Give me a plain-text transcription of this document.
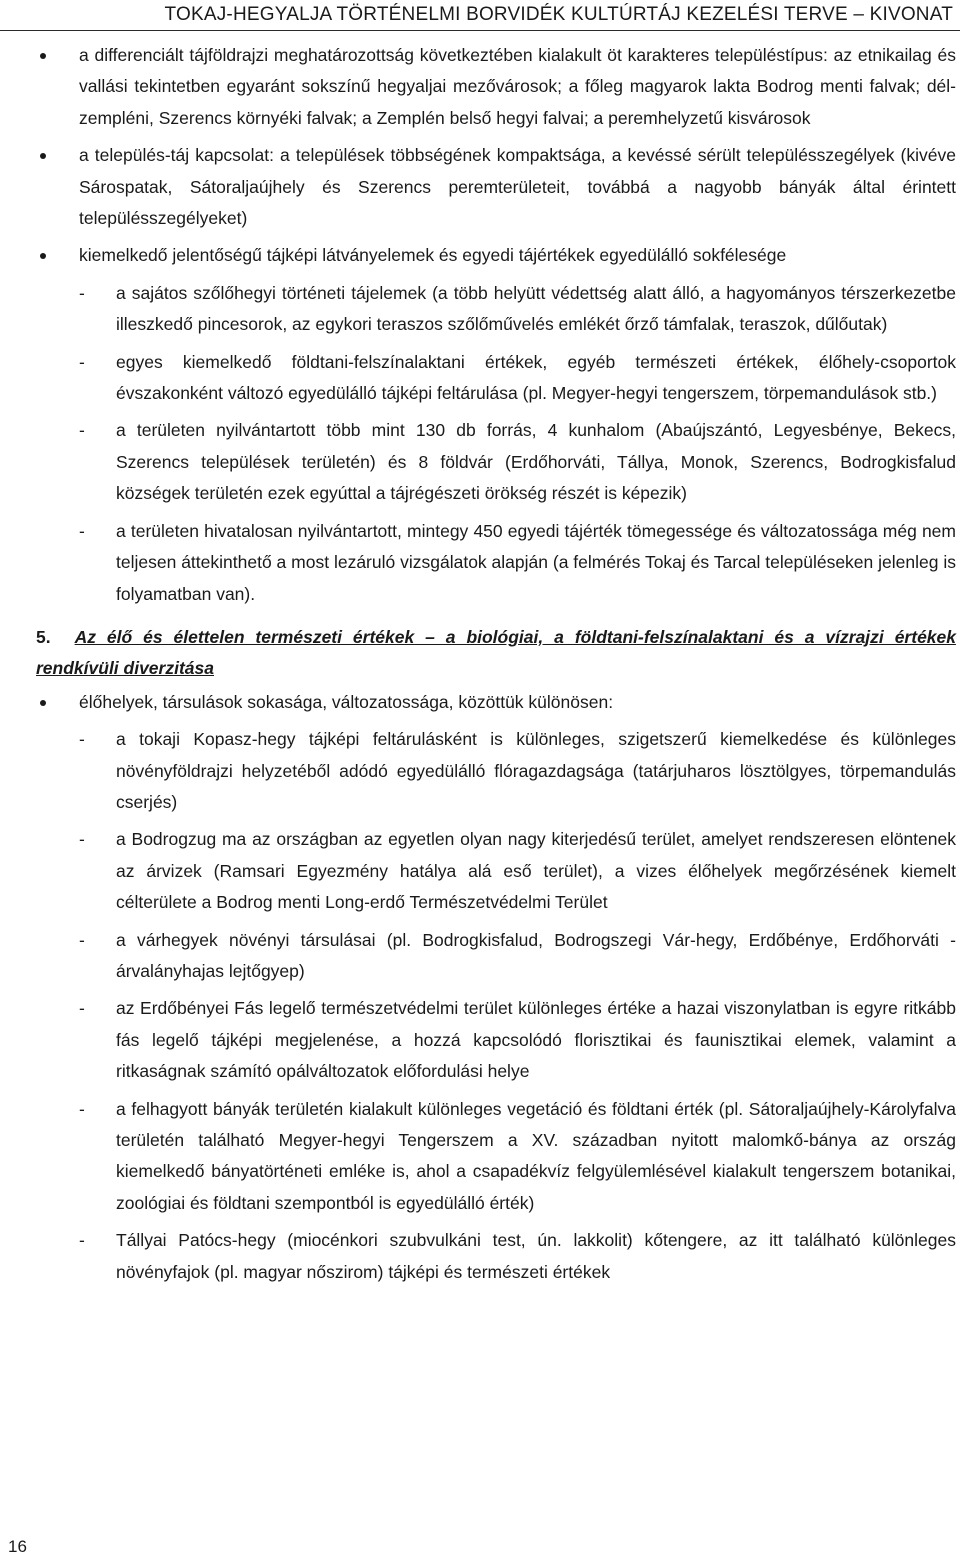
TOKAJ-HEGYALJA TÖRTÉNELMI BORVIDÉK KULTÚRTÁJ KEZELÉSI TERVE – KIVONAT
a differenciált tájföldrajzi meghatározottság következtében kialakult öt karakteres településtípus: az etnikailag és vallási tekintetben egyaránt sokszínű hegyaljai mezővárosok; a főleg magyarok lakta Bodrog menti falvak; dél-zempléni, Szerencs környéki falvak; a Zemplén belső hegyi falvai; a peremhelyzetű kisvárosok
a település-táj kapcsolat: a települések többségének kompaktsága, a kevéssé sérült településszegélyek (kivéve Sárospatak, Sátoraljaújhely és Szerencs peremterületeit, továbbá a nagyobb bányák által érintett településszegélyeket)
kiemelkedő jelentőségű tájképi látványelemek és egyedi tájértékek egyedülálló sokfélesége
- a sajátos szőlőhegyi történeti tájelemek (a több helyütt védettség alatt álló, a hagyományos térszerkezetbe illeszkedő pincesorok, az egykori teraszos szőlőművelés emlékét őrző támfalak, teraszok, dűlőutak)
- egyes kiemelkedő földtani-felszínalaktani értékek, egyéb természeti értékek, élőhely-csoportok évszakonként változó egyedülálló tájképi feltárulása (pl. Megyer-hegyi tengerszem, törpemandulások stb.)
- a területen nyilvántartott több mint 130 db forrás, 4 kunhalom (Abaújszántó, Legyesbénye, Bekecs, Szerencs települések területén) és 8 földvár (Erdőhorváti, Tállya, Monok, Szerencs, Bodrogkisfalud községek területén ezek egyúttal a tájrégészeti örökség részét is képezik)
- a területen hivatalosan nyilvántartott, mintegy 450 egyedi tájérték tömegessége és változatossága még nem teljesen áttekinthető a most lezáruló vizsgálatok alapján (a felmérés Tokaj és Tarcal településeken jelenleg is folyamatban van).
5. Az élő és élettelen természeti értékek – a biológiai, a földtani-felszínalaktani és a vízrajzi értékek rendkívüli diverzitása
élőhelyek, társulások sokasága, változatossága, közöttük különösen:
- a tokaji Kopasz-hegy tájképi feltárulásként is különleges, szigetszerű kiemelkedése és különleges növényföldrajzi helyzetéből adódó egyedülálló flóragazdagsága (tatárjuharos lösztölgyes, törpemandulás cserjés)
- a Bodrogzug ma az országban az egyetlen olyan nagy kiterjedésű terület, amelyet rendszeresen elöntenek az árvizek (Ramsari Egyezmény hatálya alá eső terület), a vizes élőhelyek megőrzésének kiemelt célterülete a Bodrog menti Long-erdő Természetvédelmi Terület
- a várhegyek növényi társulásai (pl. Bodrogkisfalud, Bodrogszegi Vár-hegy, Erdőbénye, Erdőhorváti - árvalányhajas lejtőgyep)
- az Erdőbényei Fás legelő természetvédelmi terület különleges értéke a hazai viszonylatban is egyre ritkább fás legelő tájképi megjelenése, a hozzá kapcsolódó florisztikai és faunisztikai elemek, valamint a ritkaságnak számító opálváltozatok előfordulási helye
- a felhagyott bányák területén kialakult különleges vegetáció és földtani érték (pl. Sátoraljaújhely-Károlyfalva területén található Megyer-hegyi Tengerszem a XV. században nyitott malomkő-bánya az ország kiemelkedő bányatörténeti emléke is, ahol a csapadékvíz felgyülemlésével kialakult tengerszem botanikai, zoológiai és földtani szempontból is egyedülálló érték)
- Tállyai Patócs-hegy (miocénkori szubvulkáni test, ún. lakkolit) kőtengere, az itt található különleges növényfajok (pl. magyar nőszirom) tájképi és természeti értékek
16
